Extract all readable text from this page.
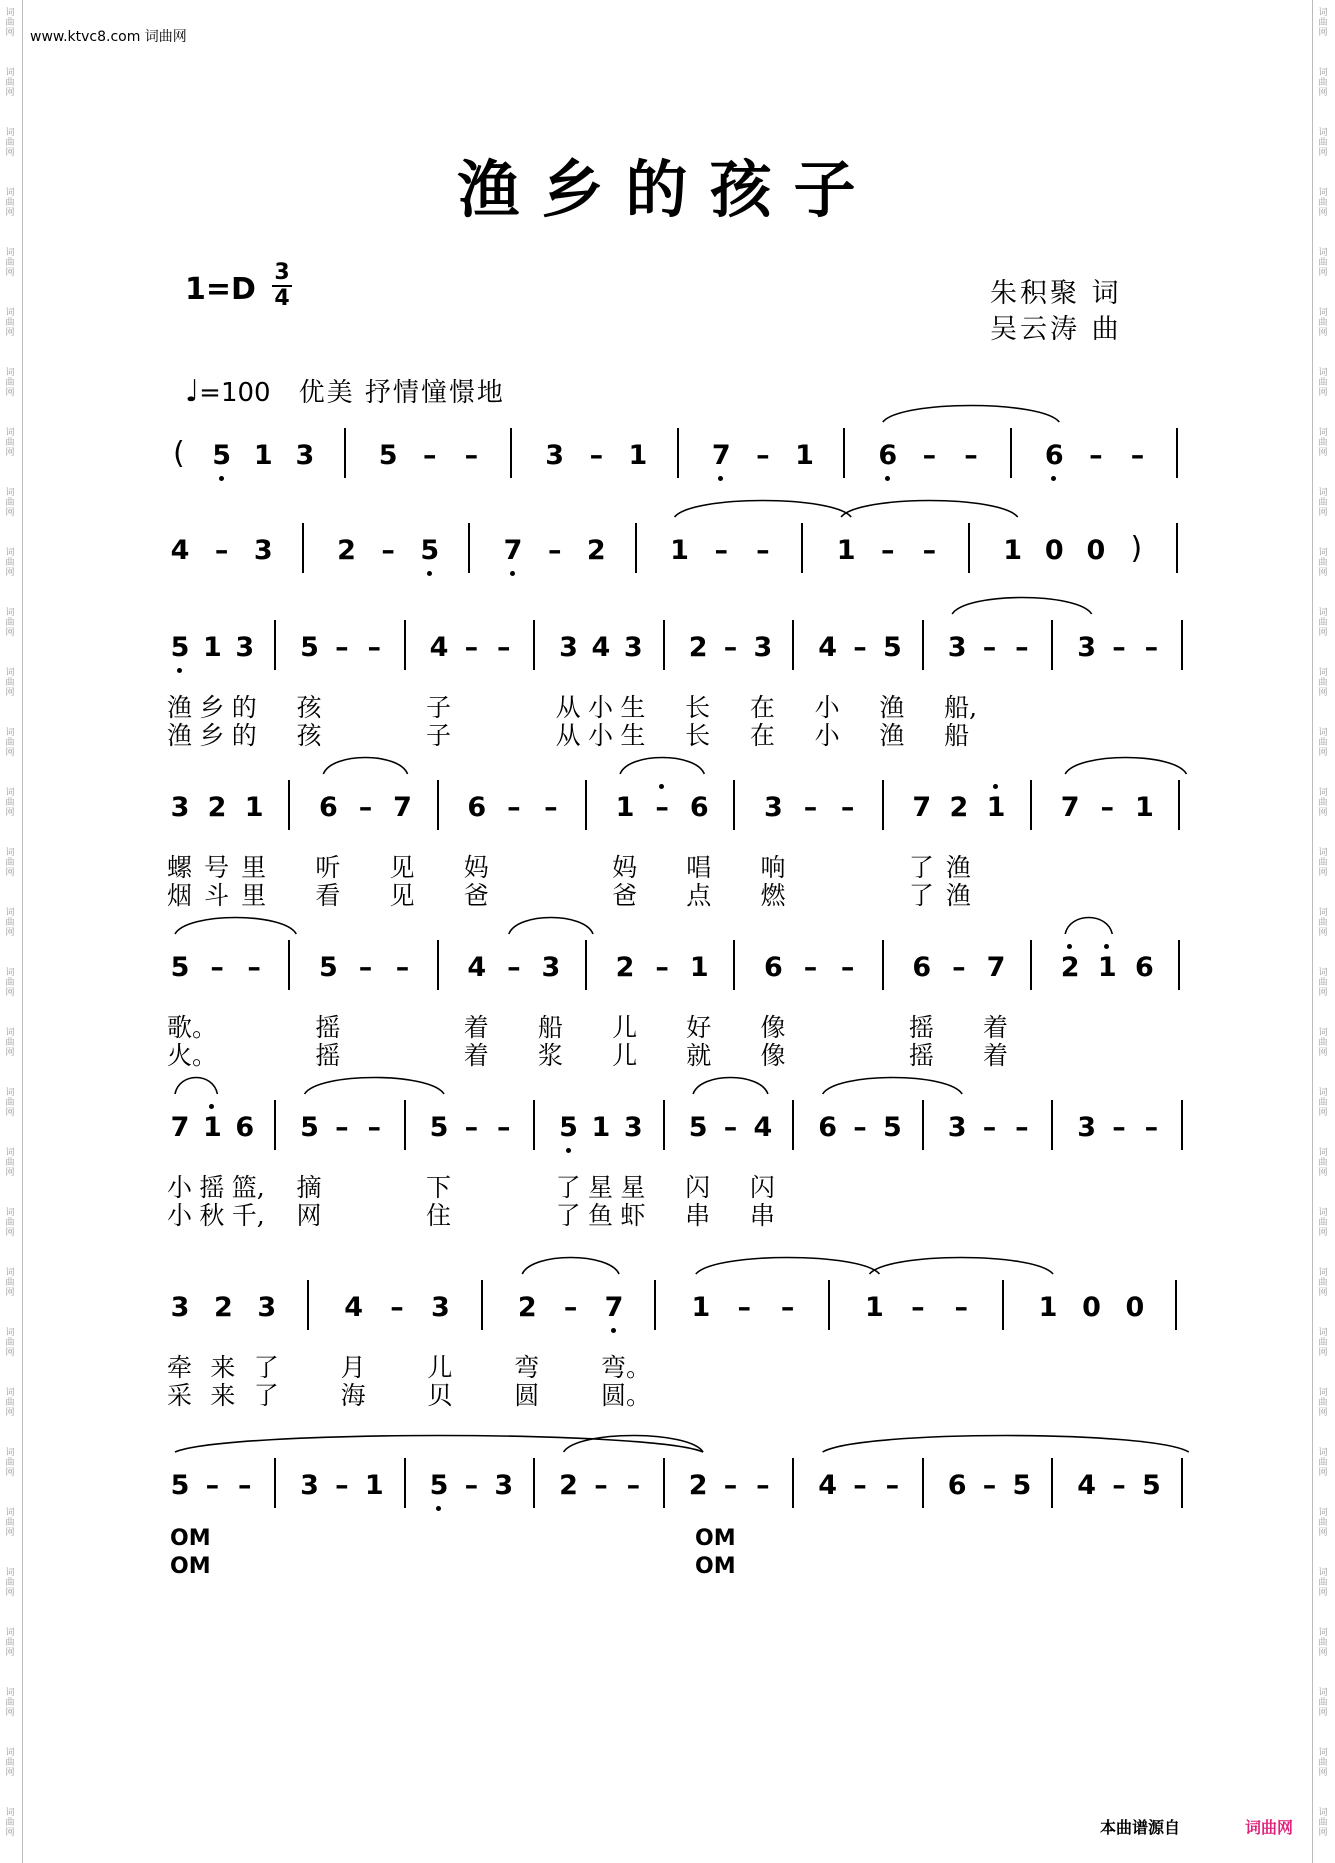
词
曲
网
词
曲
网
词
曲
网
词
曲
网
词
曲
网
词
曲
网
词
曲
网
词
曲
网
词
曲
网
词
曲
网
词
曲
网
词
曲
网
词
曲
网
词
曲
网
词
曲
网
词
曲
网
词
曲
网
词
曲
网
词
曲
网
词
曲
网
词
曲
网
词
曲
网
词
曲
网
词
曲
网
词
曲
网
词
曲
网
词
曲
网
词
曲
网
词
曲
网
词
曲
网
词
曲
网
词
曲
网
词
曲
网
词
曲
网
词
曲
网
词
曲
网
词
曲
网
词
曲
网
词
曲
网
词
曲
网
词
曲
网
词
曲
网
词
曲
网
词
曲
网
词
曲
网
词
曲
网
词
曲
网
词
曲
网
词
曲
网
词
曲
网
词
曲
网
词
曲
网
词
曲
网
词
曲
网
词
曲
网
词
曲
网
词
曲
网
词
曲
网
词
曲
网
词
曲
网
词
曲
网
词
曲
网
www.ktvc8.com 词曲网
渔乡的孩子
1=D 3
4	朱积聚 词
吴云涛 曲
♩=100 优美 抒情憧憬地
( 5 1 3 5 –	–	3 – 1 7 – 1 6 –	–	6 –	–
4 – 3 2 – 5 7 – 2 1 –	–	1 –	–	1 0 0 )
5 1 3 5 – –	4 – –	3 4 3 2 – 3 4 – 5 3 – –	3 – –
3 2 1 6 – 7 6 – –	1 – 6 3 – –	7 2 1 7 – 1
5 – –	5 – –	4 – 3 2 – 1 6 – –	6 – 7 2 1 6
7 1 6 5 – –	5 – –	5 1 3 5 – 4 6 – 5 3 – –	3 – –
3 2 3	4	–	3	2	–	7	1	–	–	1	–	–	1 0 0
5 – –	3 – 1 5 – 3 2 – –	2 – –	4 – –	6 – 5 4 – 5
本曲谱源自	词曲网
渔 乡 的 孩	子	从 小 生 长 在 小 渔 船,
渔 乡 的 孩	子	从 小 生 长 在 小 渔 船
螺 号 里 听 见 妈	妈 唱 响	了 渔
烟 斗 里 看 见 爸	爸 点 燃	了 渔
歌。	摇	着 船 儿 好 像	摇 着
火。	摇	着 浆 儿 就 像	摇 着
小 摇 篮, 摘	下	了 星 星 闪 闪
小 秋 千, 网	住	了 鱼 虾 串 串
牵 来 了 月 儿 弯 弯。
采 来 了 海 贝 圆 圆。
OM	OM
OM	OM
